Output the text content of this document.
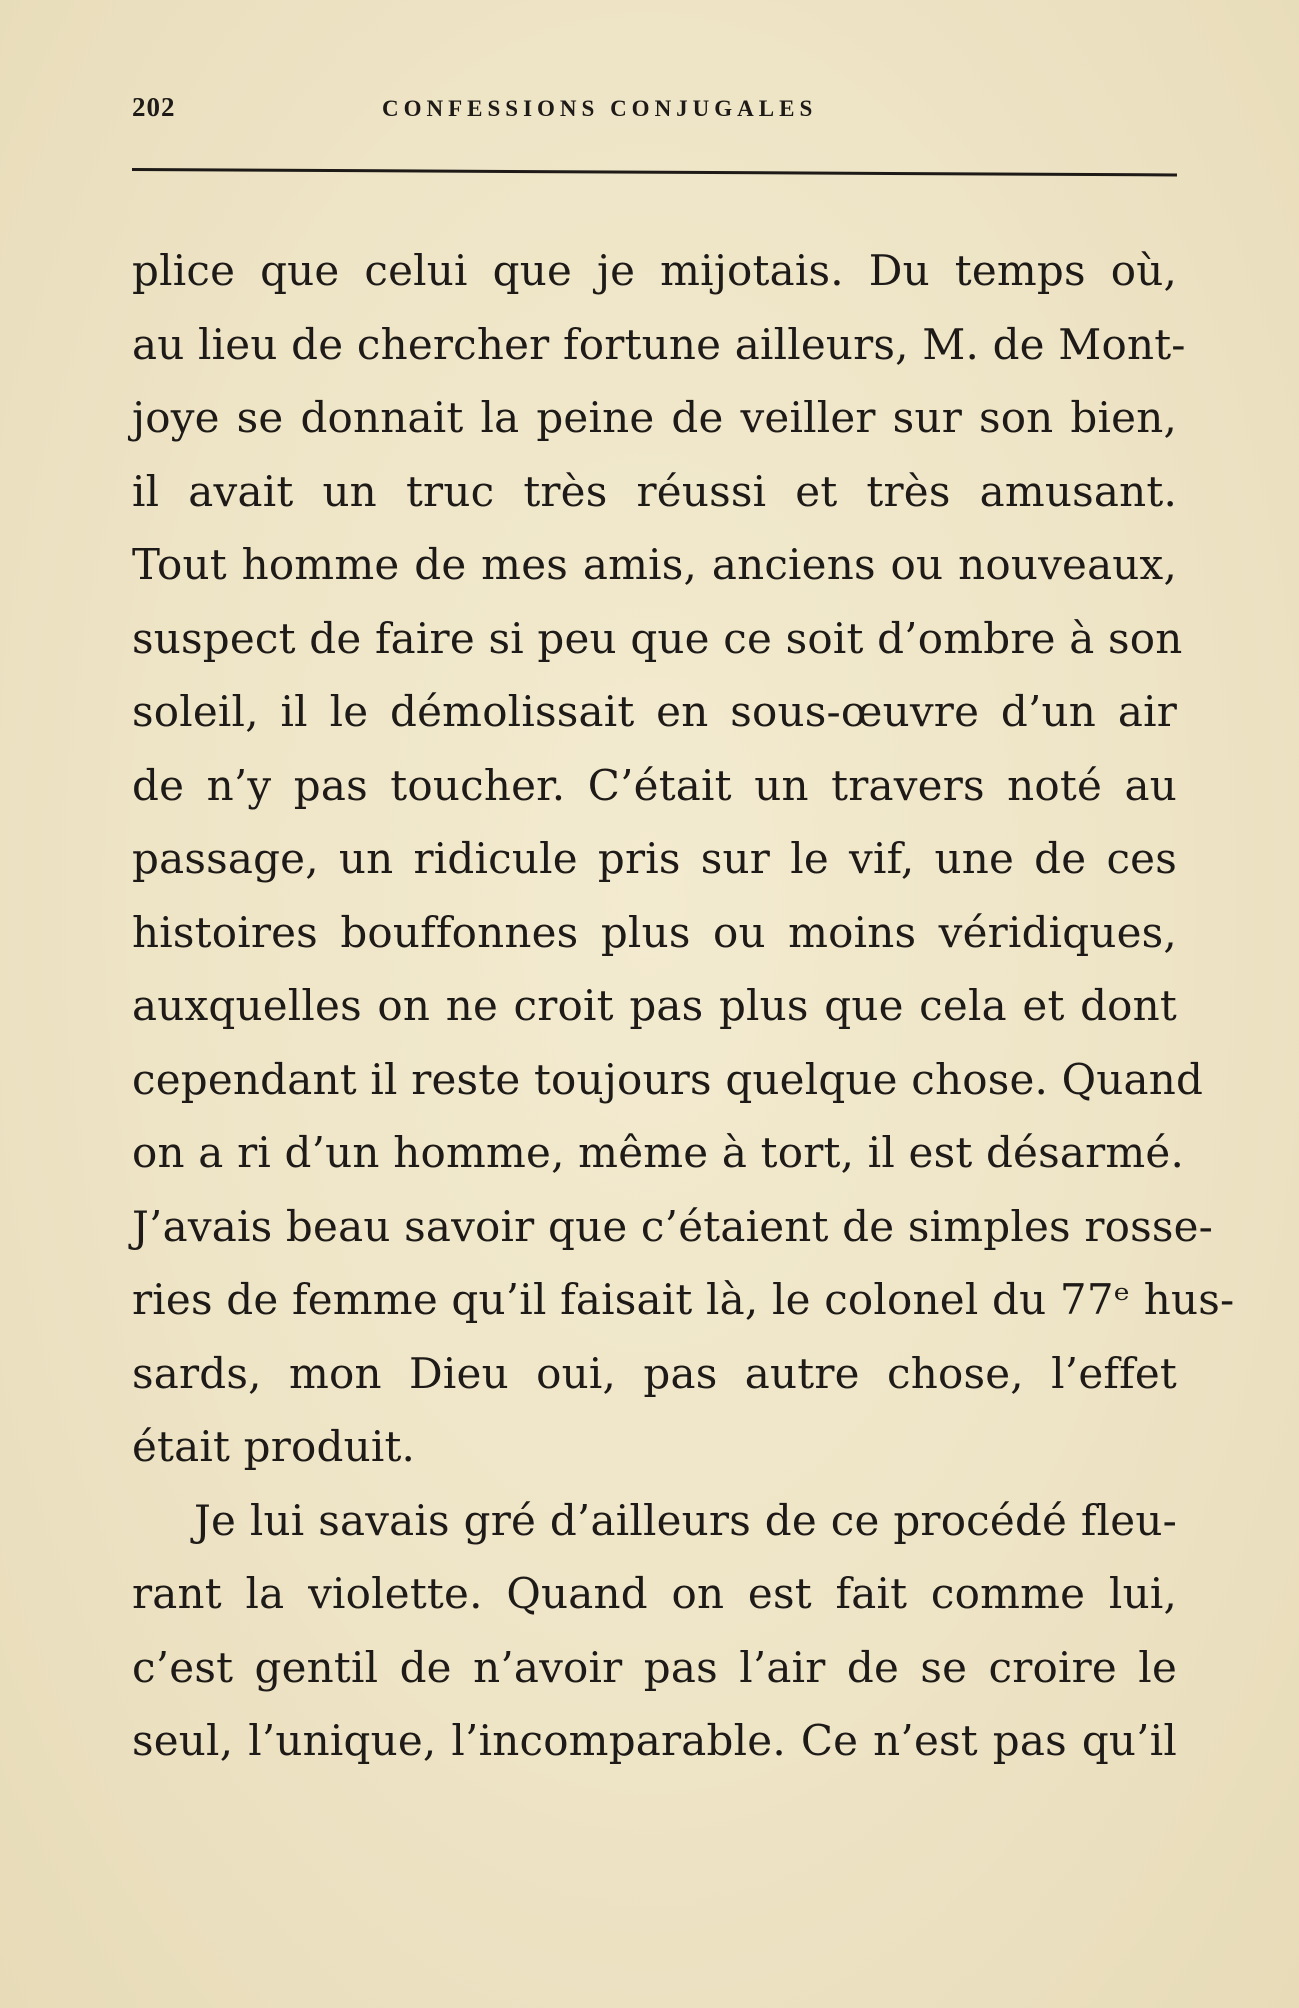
202	CONFESSIONS CONJUGALES
plice que celui que je mijotais. Du temps où,
au lieu de chercher fortune ailleurs, M. de Mont-
joye se donnait la peine de veiller sur son bien,
il avait un truc très réussi et très amusant.
Tout homme de mes amis, anciens ou nouveaux,
suspect de faire si peu que ce soit d’ombre à son
soleil, il le démolissait en sous-œuvre d’un air
de n’y pas toucher. C’était un travers noté au
passage, un ridicule pris sur le vif, une de ces
histoires bouffonnes plus ou moins véridiques,
auxquelles on ne croit pas plus que cela et dont
cependant il reste toujours quelque chose. Quand
on a ri d’un homme, même à tort, il est désarmé.
J’avais beau savoir que c’étaient de simples rosse-
ries de femme qu’il faisait là, le colonel du 77ᵉ hus-
sards, mon Dieu oui, pas autre chose, l’effet
était produit.
Je lui savais gré d’ailleurs de ce procédé fleu-
rant la violette. Quand on est fait comme lui,
c’est gentil de n’avoir pas l’air de se croire le
seul, l’unique, l’incomparable. Ce n’est pas qu’il
